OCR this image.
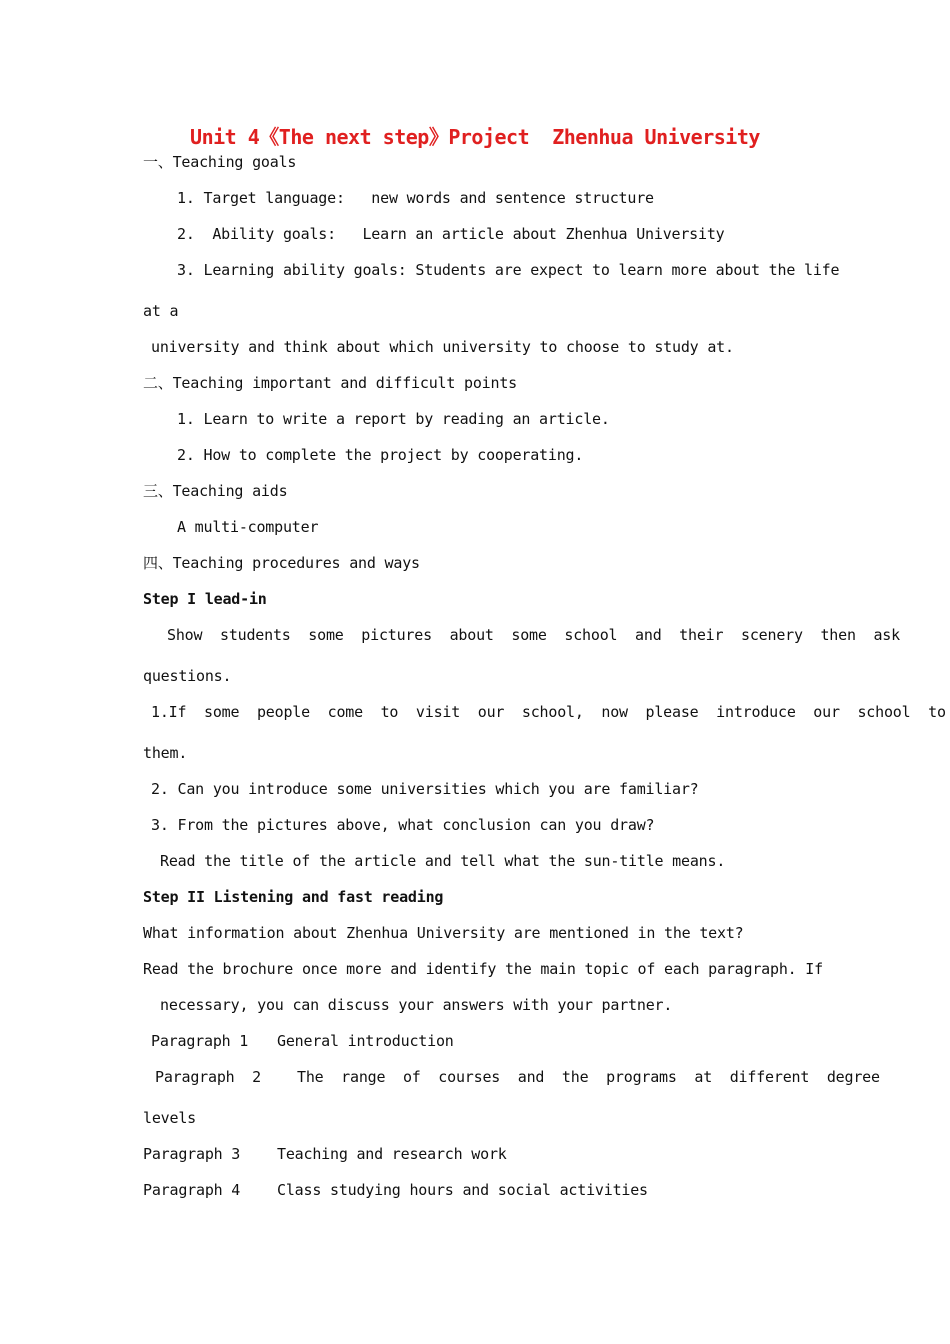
Unit 4《The next step》Project  Zhenhua University
一、Teaching goals
1. Target language:   new words and sentence structure
2.  Ability goals:   Learn an article about Zhenhua University
3. Learning ability goals: Students are expect to learn more about the life
at a
university and think about which university to choose to study at.
二、Teaching important and difficult points
1. Learn to write a report by reading an article.
2. How to complete the project by cooperating.
三、Teaching aids
A multi-computer
四、Teaching procedures and ways
Step I lead-in
Show  students  some  pictures  about  some  school  and  their  scenery  then  ask
questions.
1.If  some  people  come  to  visit  our  school,  now  please  introduce  our  school  to
them.
2. Can you introduce some universities which you are familiar?
3. From the pictures above, what conclusion can you draw?
Read the title of the article and tell what the sun-title means.
Step II Listening and fast reading
What information about Zhenhua University are mentioned in the text?
Read the brochure once more and identify the main topic of each paragraph. If
necessary, you can discuss your answers with your partner.
Paragraph 1 General introduction
Paragraph  2 The  range  of  courses  and  the  programs  at  different  degree
levels
Paragraph 3 Teaching and research work
Paragraph 4 Class studying hours and social activities
